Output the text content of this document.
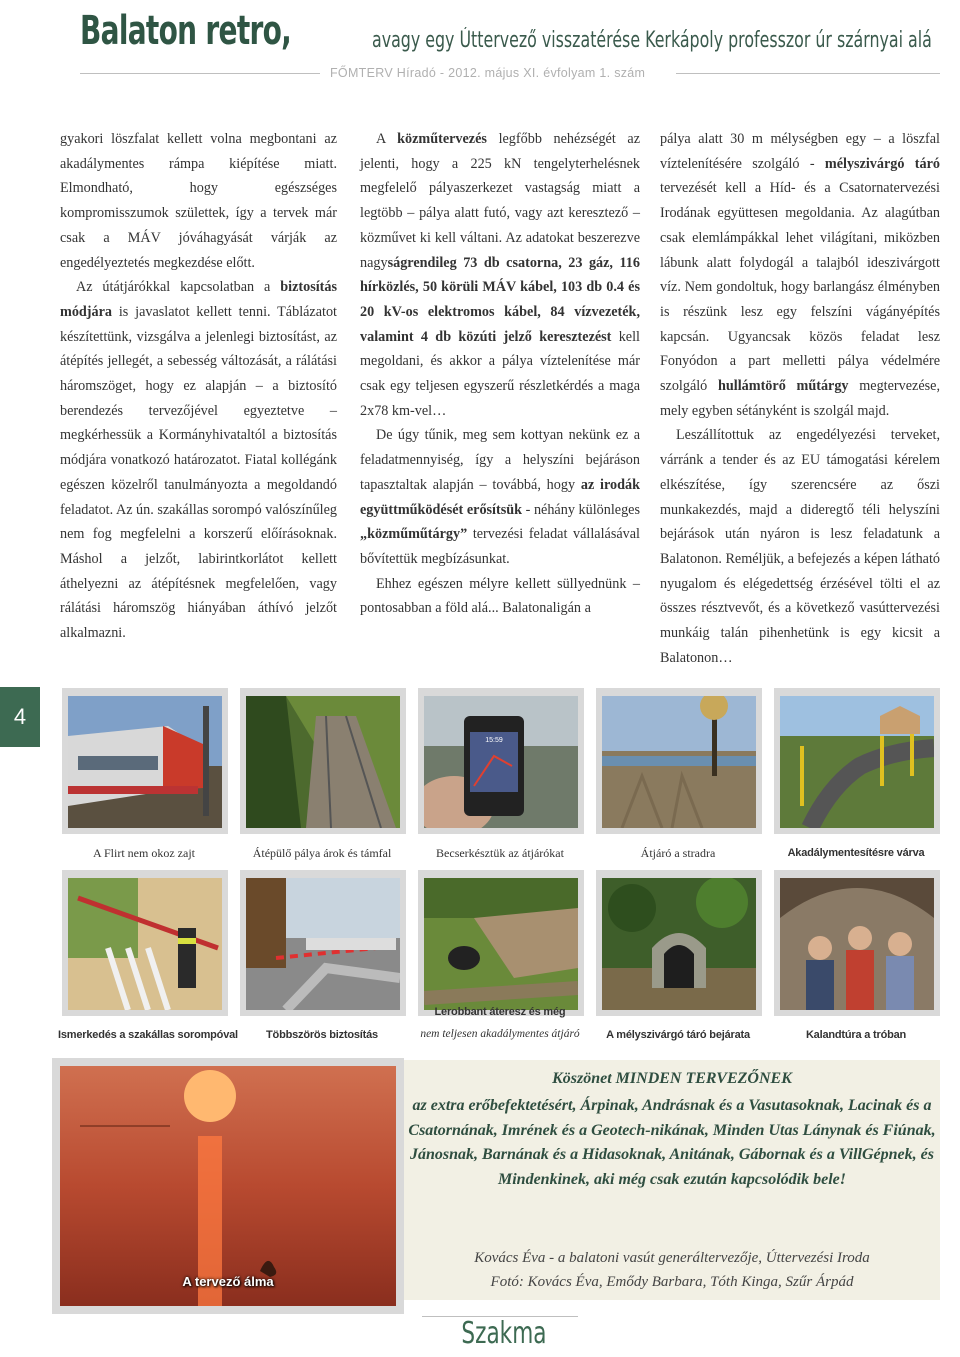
Balaton retro,	avagy egy Úttervező visszatérése Kerkápoly professzor úr szárnyai alá
FŐMTERV Híradó - 2012. május XI. évfolyam 1. szám

gyakori löszfalat kellett volna megbontani az akadálymentes rámpa kiépítése miatt. Elmondható, hogy egészséges kompromisszumok születtek, így a tervek már csak a MÁV jóváhagyását várják az engedélyeztetés megkezdése előtt.

Az útátjárókkal kapcsolatban a biztosítás módjára is javaslatot kellett tenni. Táblázatot készítettünk, vizsgálva a jelenlegi biztosítást, az átépítés jellegét, a sebesség változását, a rálátási háromszöget, hogy ez alapján – a biztosító berendezés tervezőjével egyeztetve – megkérhessük a Kormányhivataltól a biztosítás módjára vonatkozó határozatot. Fiatal kollégánk egészen közelről tanulmányozta a megoldandó feladatot. Az ún. szakállas sorompó valószínűleg nem fog megfelelni a korszerű előírásoknak. Máshol a jelzőt, labirintkorlátot kellett áthelyezni az átépítésnek megfelelően, vagy rálátási háromszög hiányában áthívó jelzőt alkalmazni.

A közműtervezés legfőbb nehézségét az jelenti, hogy a 225 kN tengelyterhelésnek megfelelő pályaszerkezet vastagság miatt a legtöbb – pálya alatt futó, vagy azt keresztező – közművet ki kell váltani. Az adatokat beszerezve nagyságrendileg 73 db csatorna, 23 gáz, 116 hírközlés, 50 körüli MÁV kábel, 103 db 0.4 és 20 kV-os elektromos kábel, 84 vízvezeték, valamint 4 db közúti jelző keresztezést kell megoldani, és akkor a pálya víztelenítése már csak egy teljesen egyszerű részletkérdés a maga 2x78 km-vel…

De úgy tűnik, meg sem kottyan nekünk ez a feladatmennyiség, így a helyszíni bejáráson tapasztaltak alapján – továbbá, hogy az irodák együttműködését erősítsük - néhány különleges „közműműtárgy” tervezési feladat vállalásával bővítettük megbízásunkat.

Ehhez egészen mélyre kellett süllyednünk – pontosabban a föld alá... Balatonaligán a

pálya alatt 30 m mélységben egy – a löszfal víztelenítésére szolgáló - mélyszivárgó táró tervezését kell a Híd- és a Csatornatervezési Irodának együttesen megoldania. Az alagútban csak elemlámpákkal lehet világítani, miközben lábunk alatt folydogál a talajból ideszivárgott víz. Nem gondoltuk, hogy barlangász élményben is részünk lesz egy felszíni vágányépítés kapcsán. Ugyancsak közös feladat lesz Fonyódon a part melletti pálya védelmére szolgáló hullámtörő műtárgy megtervezése, mely egyben sétányként is szolgál majd.

Leszállítottuk az engedélyezési terveket, várránk a tender és az EU támogatási kérelem elkészítése, így szerencsére az őszi munkakezdés, majd a dideregtő téli helyszíni bejárások után nyáron is lesz feladatunk a Balatonon. Reméljük, a befejezés a képen látható nyugalom és elégedettség érzésével tölti el az összes résztvevőt, és a következő vasúttervezési munkáig talán pihenhetünk is egy kicsit a Balatonon…

4
15:59
A Flirt nem okoz zajt	Átépülő pálya árok és támfal	Becserkésztük az átjárókat	Átjáró a stradra	Akadálymentesítésre várva
Ismerkedés a szakállas sorompóval	Többszörös biztosítás
Lerobbant áteresz és még
nem teljesen akadálymentes átjáró	A mélyszivárgó táró bejárata	Kalandtúra a tróban
A tervező álma
Köszönet MINDEN TERVEZŐNEK
az extra erőbefektetésért, Árpinak, Andrásnak és a Vasutasoknak, Lacinak és a Csatornának, Imrének és a Geotech-nikának, Minden Utas Lánynak és Fiúnak, Jánosnak, Barnának és a Hidasoknak, Anitának, Gábornak és a VillGépnek, és Mindenkinek, aki még csak ezután kapcsolódik bele!
Kovács Éva - a balatoni vasút generáltervezője, Úttervezési Iroda
Fotó: Kovács Éva, Emődy Barbara, Tóth Kinga, Szűr Árpád
Szakma
